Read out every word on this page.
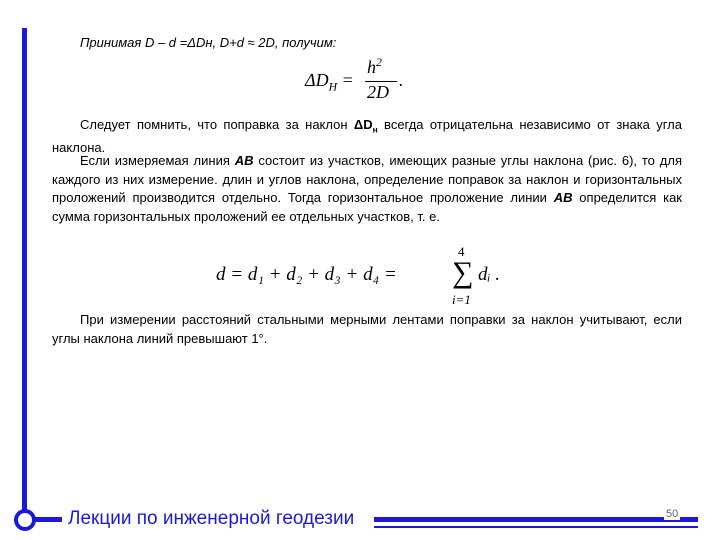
Принимая D – d =ΔDн, D+d ≈ 2D, получим:
$\Delta D_H$ =
$h^2$
2D
.
Следует помнить, что поправка за наклон $\Delta D_н$ всегда отрицательна независимо от знака угла наклона.
Если измеряемая линия AB состоит из участков, имеющих разные углы наклона (рис. 6), то для каждого из них измерение. длин и углов наклона, определение поправок за наклон и горизонтальных проложений производится отдельно. Тогда горизонтальное проложение линии AB определится как сумма горизонтальных проложений ее отдельных участков, т. е.
d = d₁ + d₂ + d₃ + d₄ =
4
∑
i=1
dᵢ .
При измерении расстояний стальными мерными лентами поправки за наклон учитывают, если углы наклона линий превышают 1°.
Лекции по инженерной геодезии	50
